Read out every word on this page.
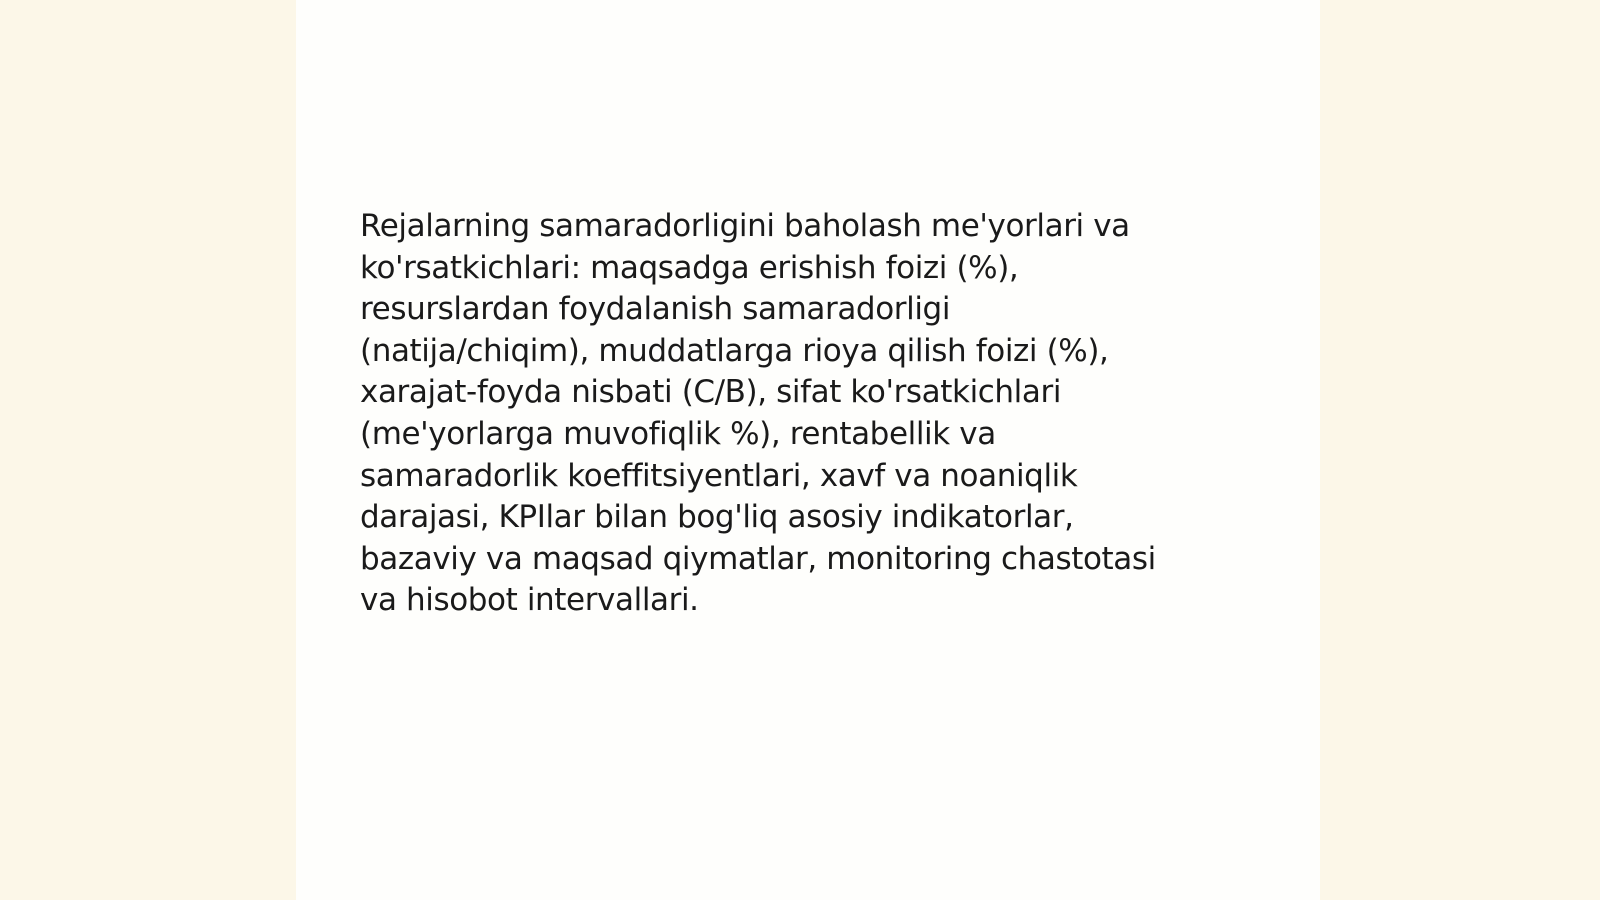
Rejalarning samaradorligini baholash me'yorlari va
ko'rsatkichlari: maqsadga erishish foizi (%),
resurslardan foydalanish samaradorligi
(natija/chiqim), muddatlarga rioya qilish foizi (%),
xarajat-foyda nisbati (C/B), sifat ko'rsatkichlari
(me'yorlarga muvofiqlik %), rentabellik va
samaradorlik koeffitsiyentlari, xavf va noaniqlik
darajasi, KPIlar bilan bog'liq asosiy indikatorlar,
bazaviy va maqsad qiymatlar, monitoring chastotasi
va hisobot intervallari.
